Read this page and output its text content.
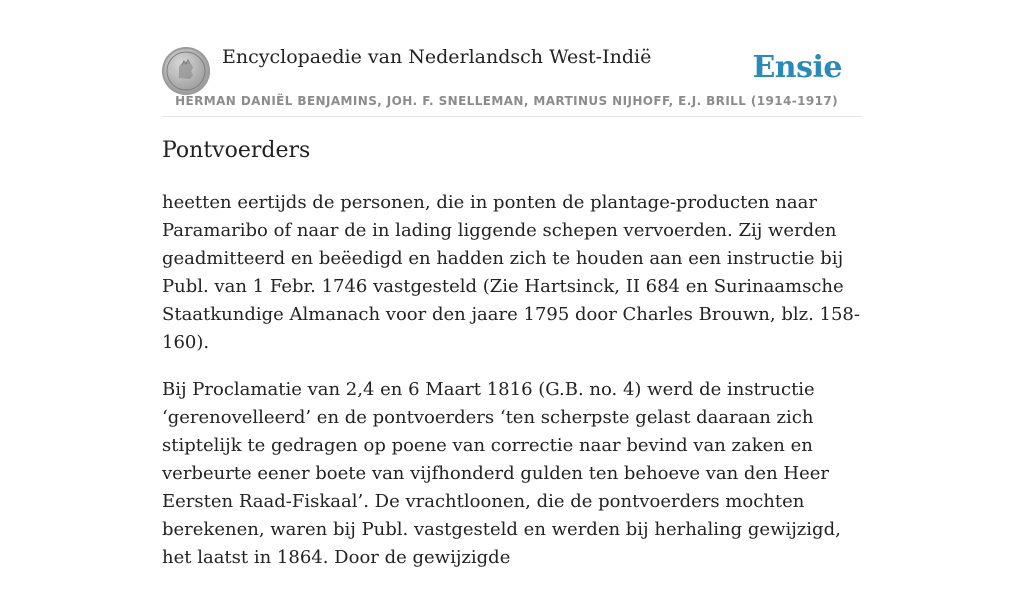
Encyclopaedie van Nederlandsch West-Indië	Ensie
HERMAN DANIËL BENJAMINS, JOH. F. SNELLEMAN, MARTINUS NIJHOFF, E.J. BRILL (1914-1917)
Pontvoerders

heetten eertijds de personen, die in ponten de plantage-producten naar Paramaribo of naar de in lading liggende schepen vervoerden. Zij werden geadmitteerd en beëedigd en hadden zich te houden aan een instructie bij Publ. van 1 Febr. 1746 vastgesteld (Zie Hartsinck, II 684 en Surinaamsche Staatkundige Almanach voor den jaare 1795 door Charles Brouwn, blz. 158-160).

Bij Proclamatie van 2,4 en 6 Maart 1816 (G.B. no. 4) werd de instructie ‘gerenovelleerd’ en de pontvoerders ‘ten scherpste gelast daaraan zich stiptelijk te gedragen op poene van correctie naar bevind van zaken en verbeurte eener boete van vijfhonderd gulden ten behoeve van den Heer Eersten Raad-Fiskaal’. De vrachtloonen, die de pontvoerders mochten berekenen, waren bij Publ. vastgesteld en werden bij herhaling gewijzigd, het laatst in 1864. Door de gewijzigde
